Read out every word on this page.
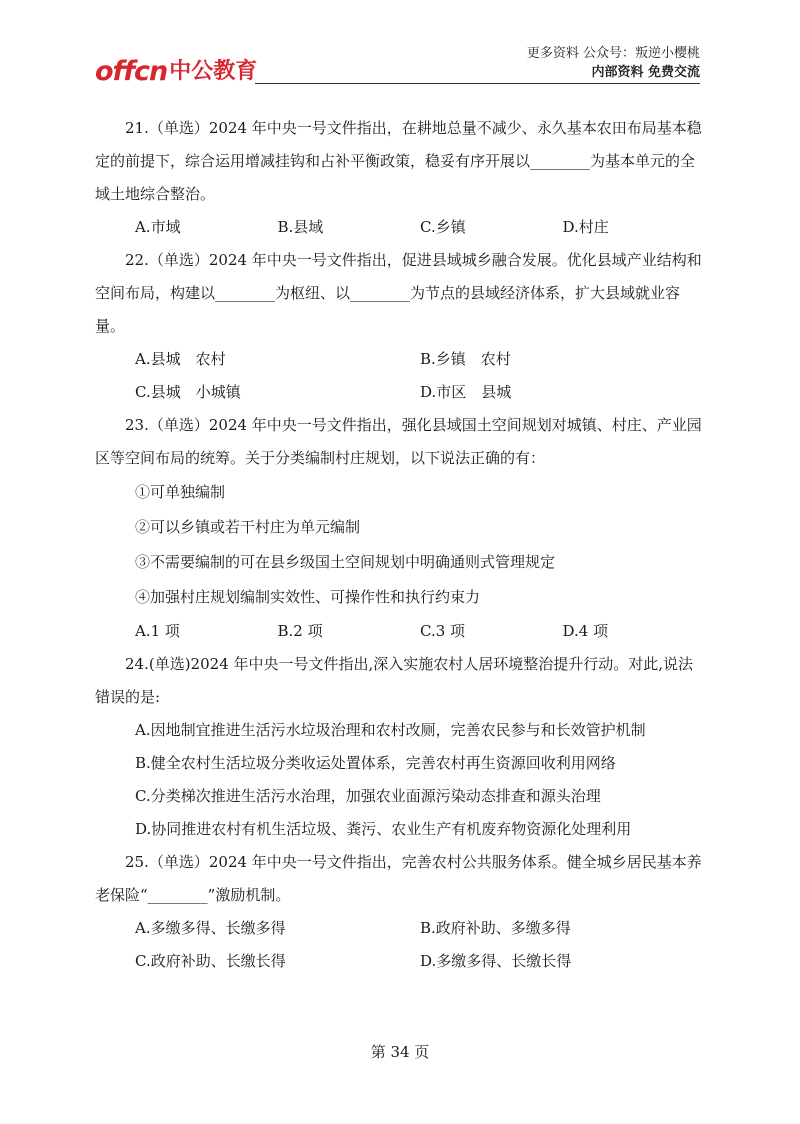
offcn 中公教育
更多资料 公众号：叛逆小樱桃
内部资料 免费交流

21.（单选）2024 年中央一号文件指出，在耕地总量不减少、永久基本农田布局基本稳定的前提下，综合运用增减挂钩和占补平衡政策，稳妥有序开展以________为基本单元的全域土地综合整治。

A.市域	B.县域	C.乡镇	D.村庄

22.（单选）2024 年中央一号文件指出，促进县域城乡融合发展。优化县域产业结构和空间布局，构建以________为枢纽、以________为节点的县域经济体系，扩大县域就业容量。

A.县城　农村	B.乡镇　农村
C.县城　小城镇	D.市区　县城

23.（单选）2024 年中央一号文件指出，强化县域国土空间规划对城镇、村庄、产业园区等空间布局的统筹。关于分类编制村庄规划，以下说法正确的有：

①可单独编制
②可以乡镇或若干村庄为单元编制
③不需要编制的可在县乡级国土空间规划中明确通则式管理规定
④加强村庄规划编制实效性、可操作性和执行约束力
A.1 项	B.2 项	C.3 项	D.4 项

24.(单选)2024 年中央一号文件指出,深入实施农村人居环境整治提升行动。对此,说法错误的是:

A.因地制宜推进生活污水垃圾治理和农村改厕，完善农民参与和长效管护机制
B.健全农村生活垃圾分类收运处置体系，完善农村再生资源回收利用网络
C.分类梯次推进生活污水治理，加强农业面源污染动态排查和源头治理
D.协同推进农村有机生活垃圾、粪污、农业生产有机废弃物资源化处理利用

25.（单选）2024 年中央一号文件指出，完善农村公共服务体系。健全城乡居民基本养老保险“________”激励机制。

A.多缴多得、长缴多得	B.政府补助、多缴多得
C.政府补助、长缴长得	D.多缴多得、长缴长得
第 34 页
